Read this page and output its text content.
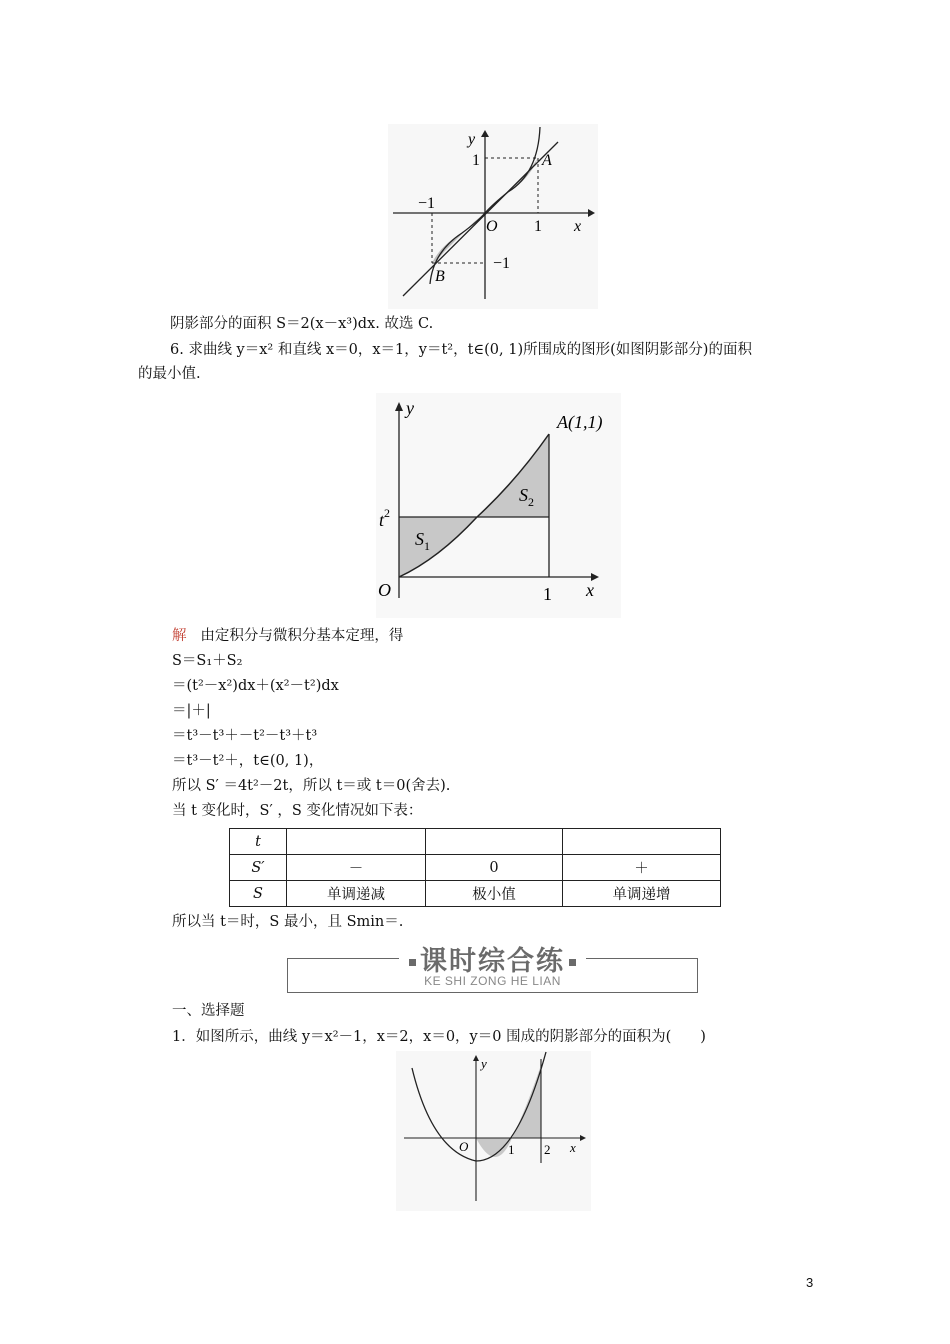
y
1	A
−1
O 1 x
−1
B
阴影部分的面积 S＝2(x－x³)dx. 故选 C.
6. 求曲线 y＝x² 和直线 x＝0，x＝1，y＝t²，t∈(0, 1)所围成的图形(如图阴影部分)的面积
的最小值.
y
A(1,1)
$S_2$
$t^2$
$S_1$
O	1 x
解 由定积分与微积分基本定理，得
S＝S₁＋S₂
＝(t²－x²)dx＋(x²－t²)dx
＝|＋|
＝t³－t³＋－t²－t³＋t³
＝t³－t²＋，t∈(0, 1)，
所以 S′ ＝4t²－2t，所以 t＝或 t＝0(舍去).
当 t 变化时，S′ ，S 变化情况如下表：
t			
S′	－	0	＋
S	单调递减	极小值	单调递增
所以当 t＝时，S 最小，且 Smin＝.
课时综合练
KE SHI ZONG HE LIAN
一、选择题
1．如图所示，曲线 y＝x²－1，x＝2，x＝0，y＝0 围成的阴影部分的面积为(　　)
y
O	1 2 x
3
